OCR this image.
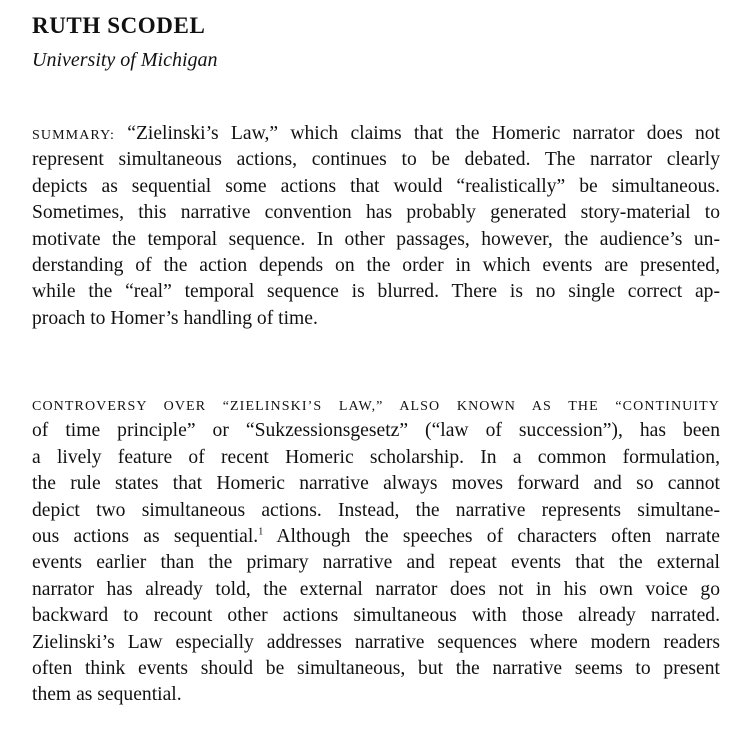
RUTH SCODEL
University of Michigan
SUMMARY: “Zielinski’s Law,” which claims that the Homeric narrator does not
represent simultaneous actions, continues to be debated. The narrator clearly
depicts as sequential some actions that would “realistically” be simultaneous.
Sometimes, this narrative convention has probably generated story-material to
motivate the temporal sequence. In other passages, however, the audience’s un-
derstanding of the action depends on the order in which events are presented,
while the “real” temporal sequence is blurred. There is no single correct ap-
proach to Homer’s handling of time.
CONTROVERSY OVER “ZIELINSKI’S LAW,” ALSO KNOWN AS THE “CONTINUITY
of time principle” or “Sukzessionsgesetz” (“law of succession”), has been
a lively feature of recent Homeric scholarship. In a common formulation,
the rule states that Homeric narrative always moves forward and so cannot
depict two simultaneous actions. Instead, the narrative represents simultane-
ous actions as sequential.$^1$ Although the speeches of characters often narrate
events earlier than the primary narrative and repeat events that the external
narrator has already told, the external narrator does not in his own voice go
backward to recount other actions simultaneous with those already narrated.
Zielinski’s Law especially addresses narrative sequences where modern readers
often think events should be simultaneous, but the narrative seems to present
them as sequential.
